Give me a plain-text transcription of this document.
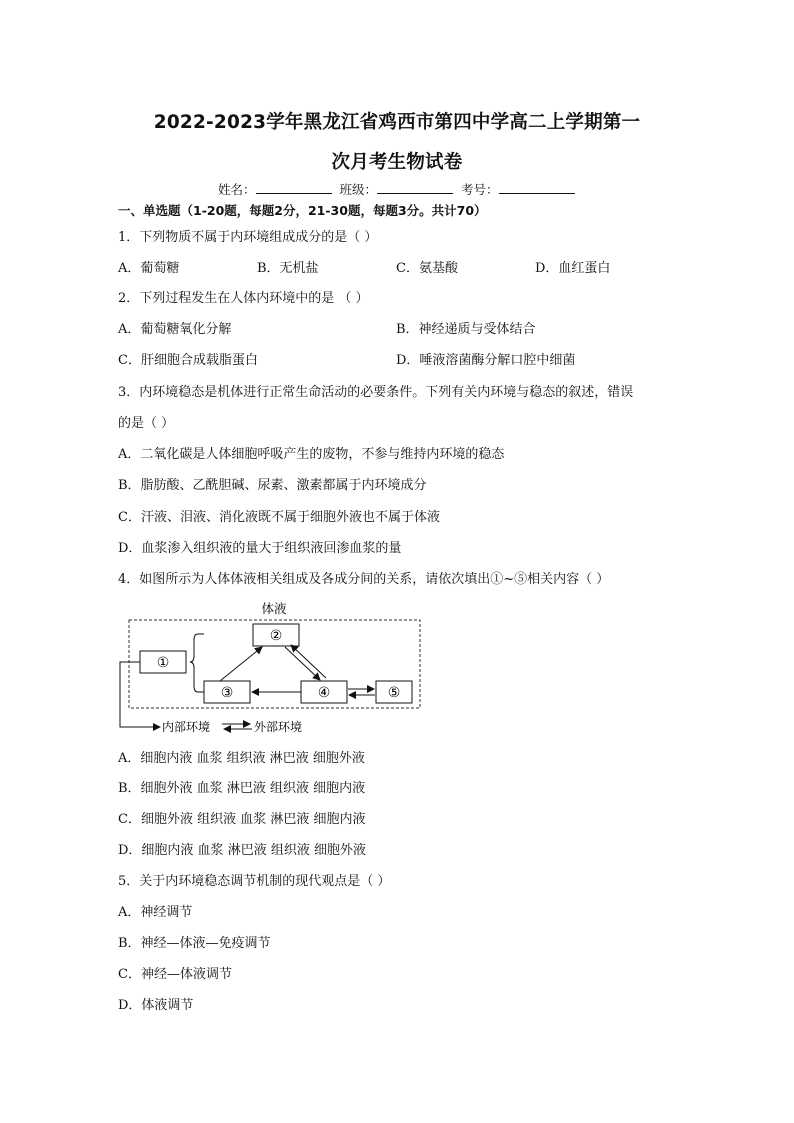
2022-2023学年黑龙江省鸡西市第四中学高二上学期第一
次月考生物试卷
姓名：	班级：	考号：
一、单选题（1-20题，每题2分，21-30题，每题3分。共计70）
1．下列物质不属于内环境组成成分的是（ ）
A．葡萄糖	B．无机盐	C．氨基酸	D．血红蛋白
2．下列过程发生在人体内环境中的是 （ ）
A．葡萄糖氧化分解	B．神经递质与受体结合
C．肝细胞合成载脂蛋白	D．唾液溶菌酶分解口腔中细菌
3．内环境稳态是机体进行正常生命活动的必要条件。下列有关内环境与稳态的叙述，错误
的是（ ）
A．二氧化碳是人体细胞呼吸产生的废物，不参与维持内环境的稳态
B．脂肪酸、乙酰胆碱、尿素、激素都属于内环境成分
C．汗液、泪液、消化液既不属于细胞外液也不属于体液
D．血浆渗入组织液的量大于组织液回渗血浆的量
4．如图所示为人体体液相关组成及各成分间的关系，请依次填出①~⑤相关内容（ ）
体液
①
②
③	④	⑤
内部环境	外部环境
A．细胞内液 血浆 组织液 淋巴液 细胞外液
B．细胞外液 血浆 淋巴液 组织液 细胞内液
C．细胞外液 组织液 血浆 淋巴液 细胞内液
D．细胞内液 血浆 淋巴液 组织液 细胞外液
5．关于内环境稳态调节机制的现代观点是（ ）
A．神经调节
B．神经—体液—免疫调节
C．神经—体液调节
D．体液调节
